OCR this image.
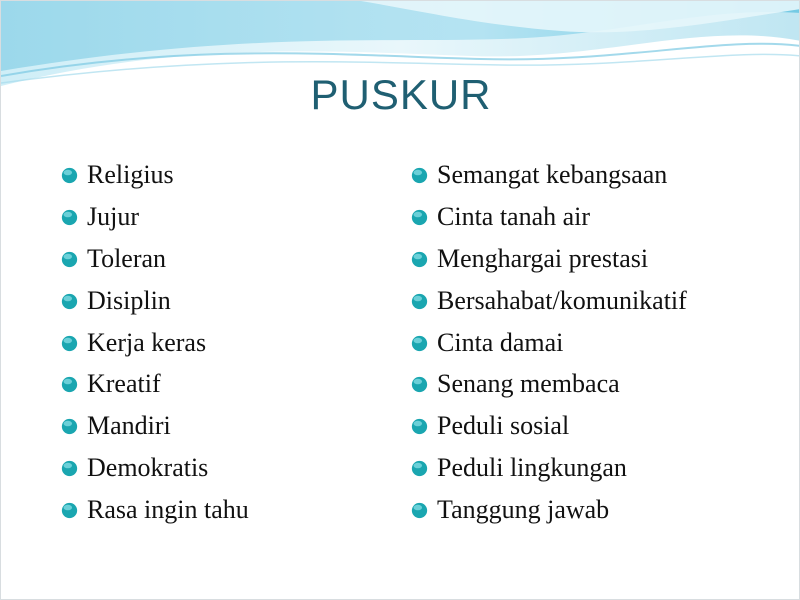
PUSKUR
Religius
Jujur
Toleran
Disiplin
Kerja keras
Kreatif
Mandiri
Demokratis
Rasa ingin tahu
Semangat kebangsaan
Cinta tanah air
Menghargai prestasi
Bersahabat/komunikatif
Cinta damai
Senang membaca
Peduli sosial
Peduli lingkungan
Tanggung jawab
